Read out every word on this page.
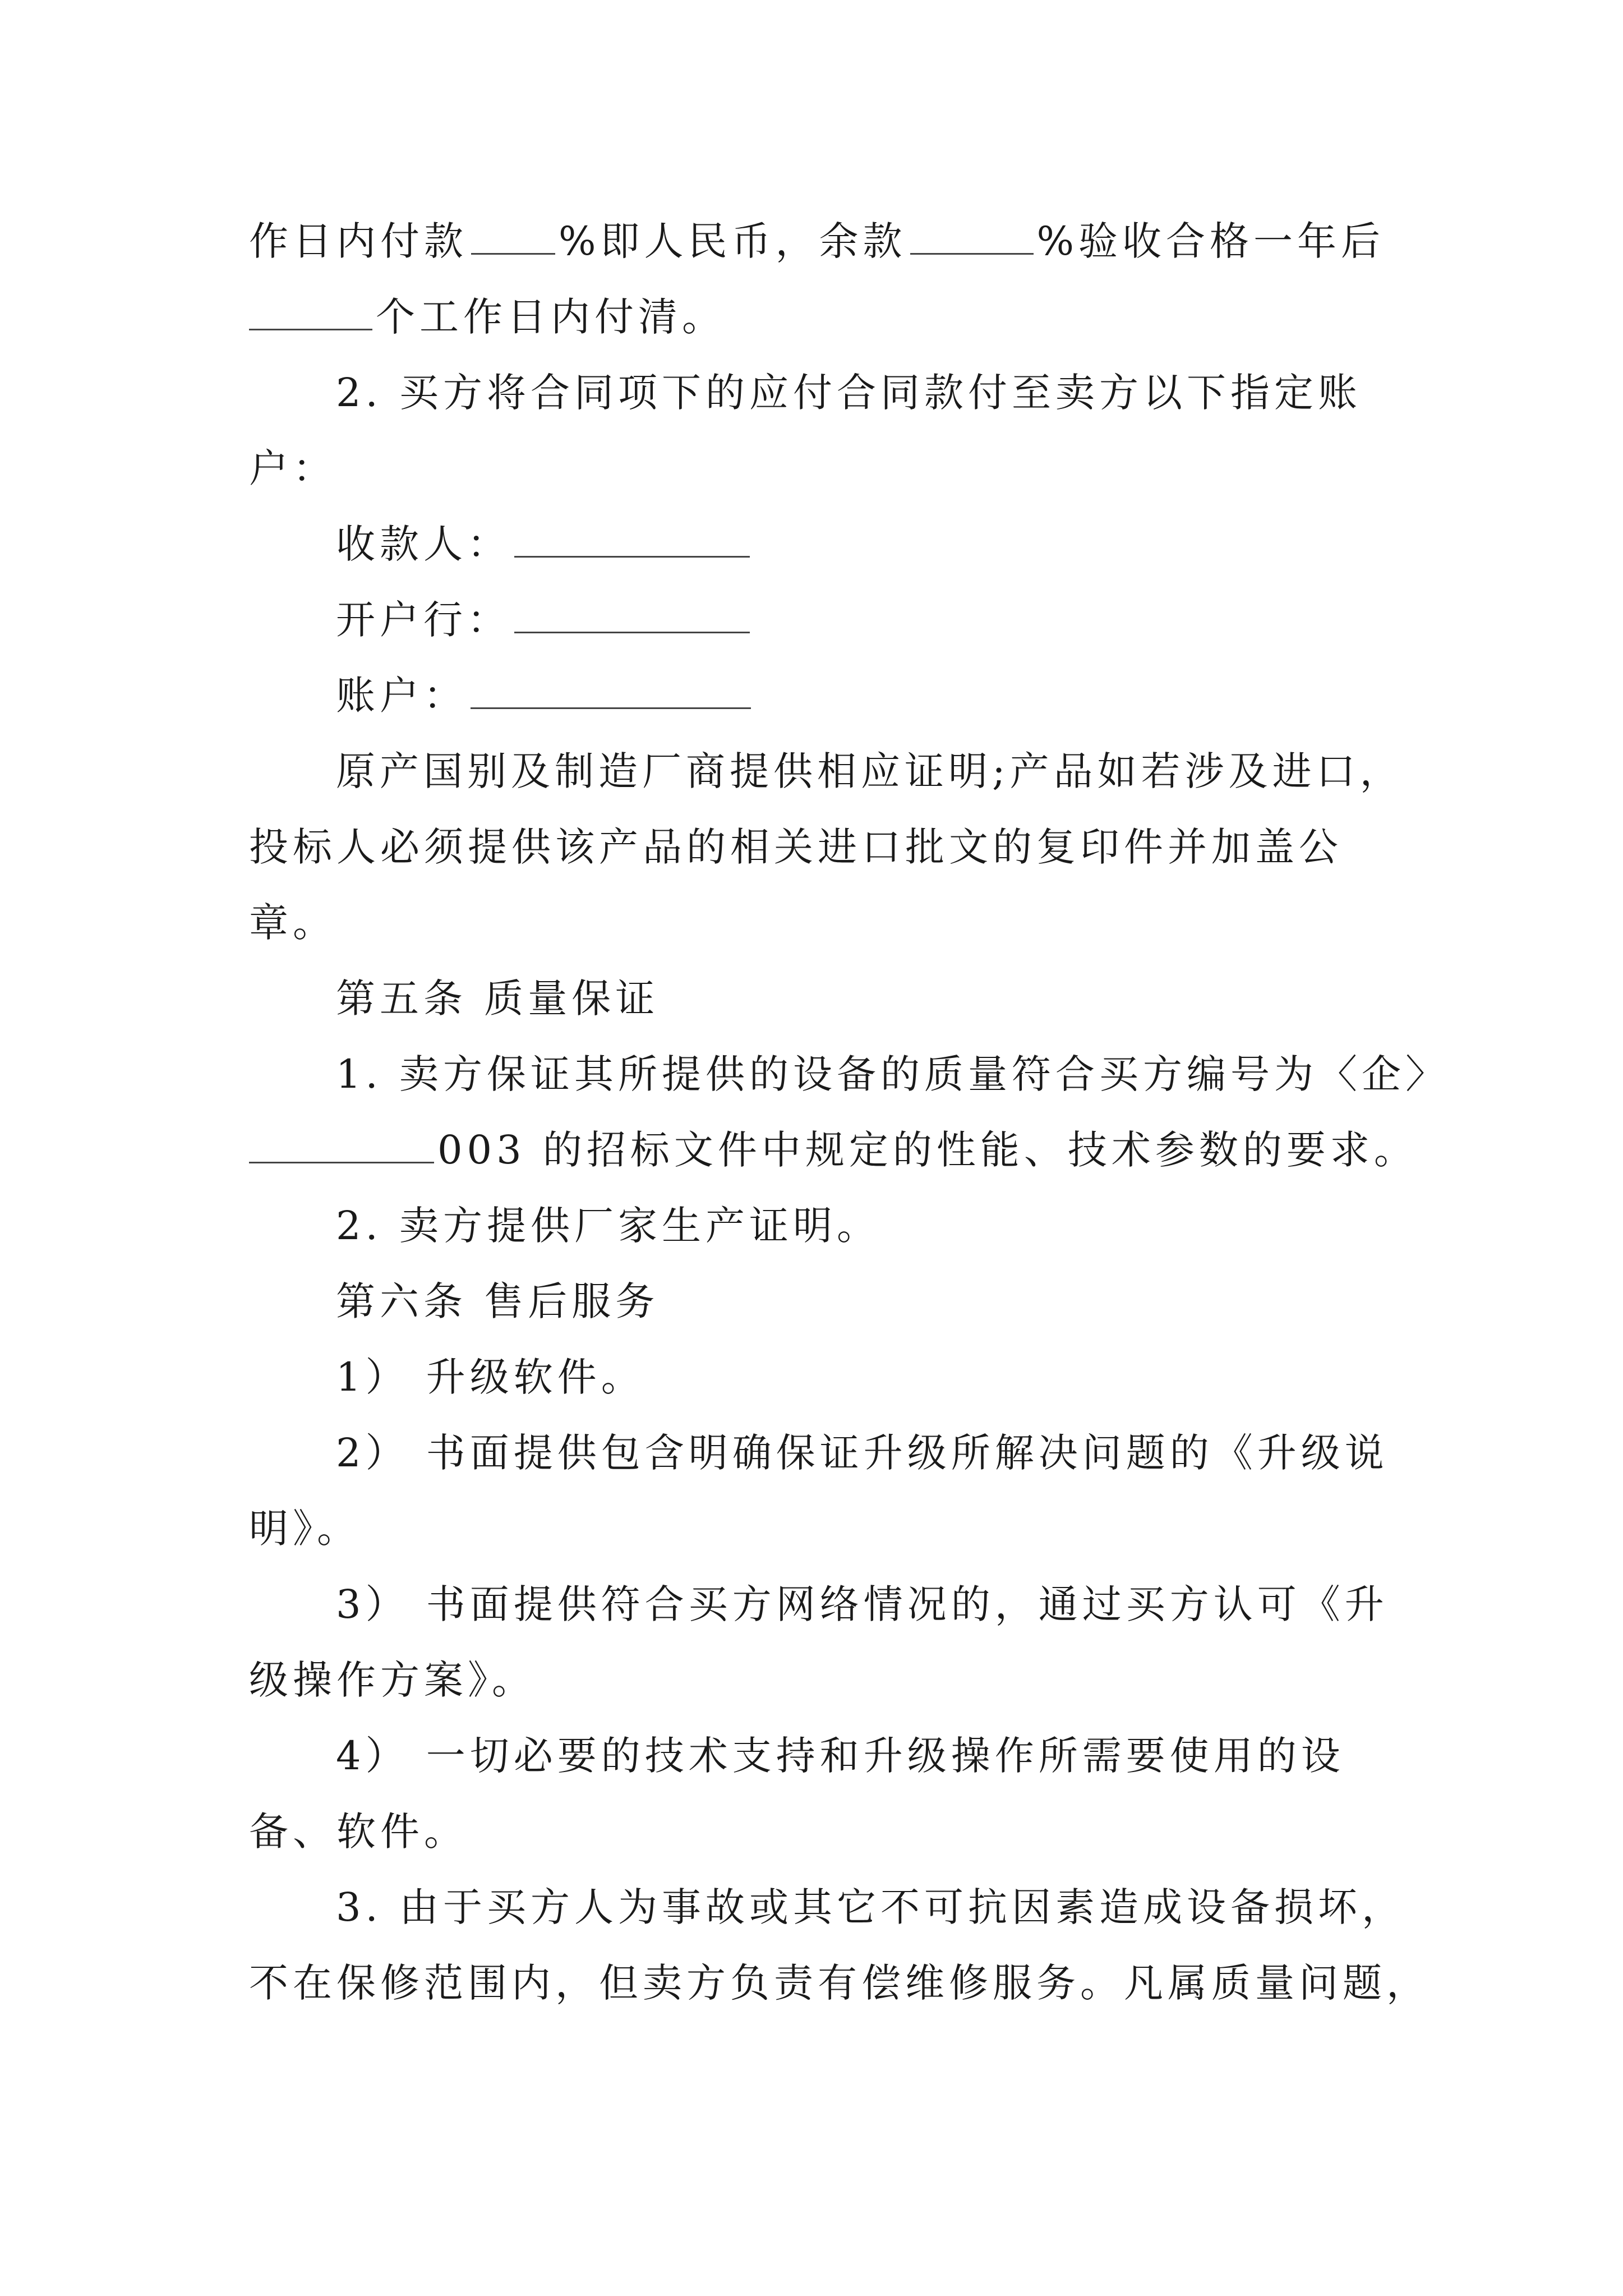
作日内付款 %即人民币，余款	%验收合格一年后
个工作日内付清。
2. 买方将合同项下的应付合同款付至卖方以下指定账
户：
收款人：
开户行：
账户：
原产国别及制造厂商提供相应证明;产品如若涉及进口，
投标人必须提供该产品的相关进口批文的复印件并加盖公
章。
第五条 质量保证
1. 卖方保证其所提供的设备的质量符合买方编号为〈企〉
003 的招标文件中规定的性能、技术参数的要求。
2. 卖方提供厂家生产证明。
第六条 售后服务
1） 升级软件。
2） 书面提供包含明确保证升级所解决问题的《升级说
明》。
3） 书面提供符合买方网络情况的，通过买方认可《升
级操作方案》。
4） 一切必要的技术支持和升级操作所需要使用的设
备、软件。
3. 由于买方人为事故或其它不可抗因素造成设备损坏，
不在保修范围内，但卖方负责有偿维修服务。凡属质量问题，
